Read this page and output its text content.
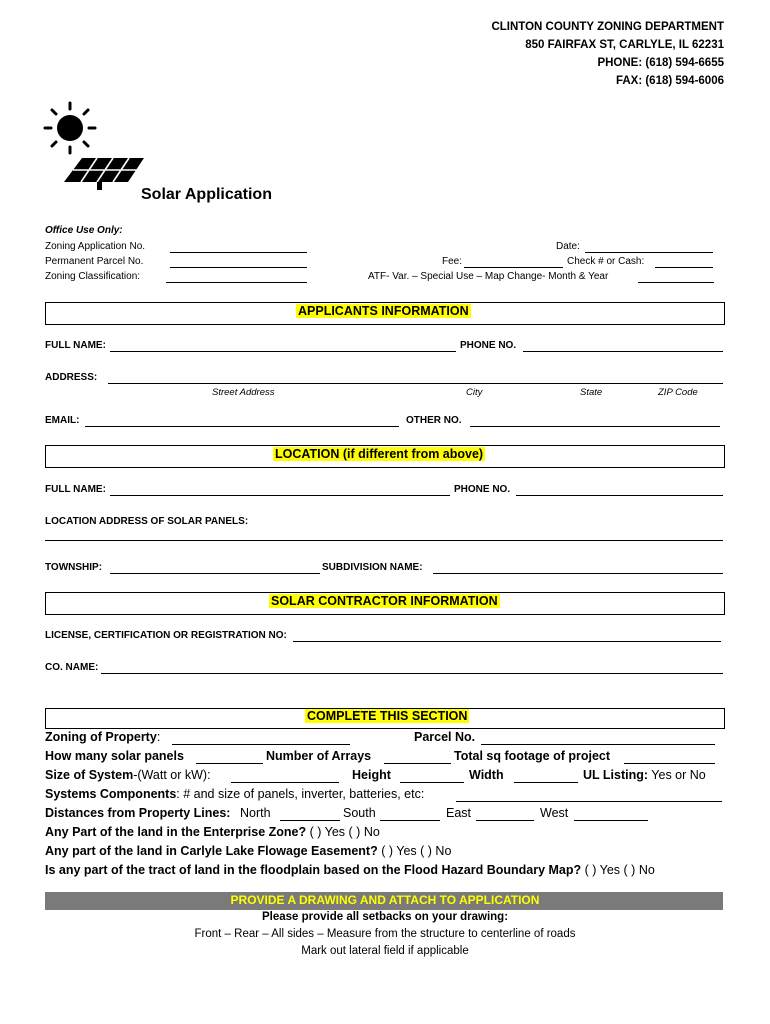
CLINTON COUNTY ZONING DEPARTMENT
850 FAIRFAX ST, CARLYLE, IL 62231
PHONE: (618) 594-6655
FAX: (618) 594-6006
Solar Application
Office Use Only:
Zoning Application No.
Permanent Parcel No.
Zoning Classification:
Date:
Fee:	Check # or Cash:
ATF- Var. – Special Use – Map Change- Month & Year
APPLICANTS INFORMATION
FULL NAME:	PHONE NO.
ADDRESS:
Street Address	City	State	ZIP Code
EMAIL:	OTHER NO.
LOCATION (if different from above)
FULL NAME:	PHONE NO.
LOCATION ADDRESS OF SOLAR PANELS:
TOWNSHIP:	SUBDIVISION NAME:
SOLAR CONTRACTOR INFORMATION
LICENSE, CERTIFICATION OR REGISTRATION NO:
CO. NAME:
COMPLETE THIS SECTION
Zoning of Property:	Parcel No.
How many solar panels	Number of Arrays	Total sq footage of project
Size of System-(Watt or kW):	Height	Width	UL Listing: Yes or No
Systems Components: # and size of panels, inverter, batteries, etc:
Distances from Property Lines: North	South	East	West
Any Part of the land in the Enterprise Zone? ( ) Yes ( ) No
Any part of the land in Carlyle Lake Flowage Easement? ( ) Yes ( ) No
Is any part of the tract of land in the floodplain based on the Flood Hazard Boundary Map? ( ) Yes ( ) No
PROVIDE A DRAWING AND ATTACH TO APPLICATION
Please provide all setbacks on your drawing:
Front – Rear – All sides – Measure from the structure to centerline of roads
Mark out lateral field if applicable
